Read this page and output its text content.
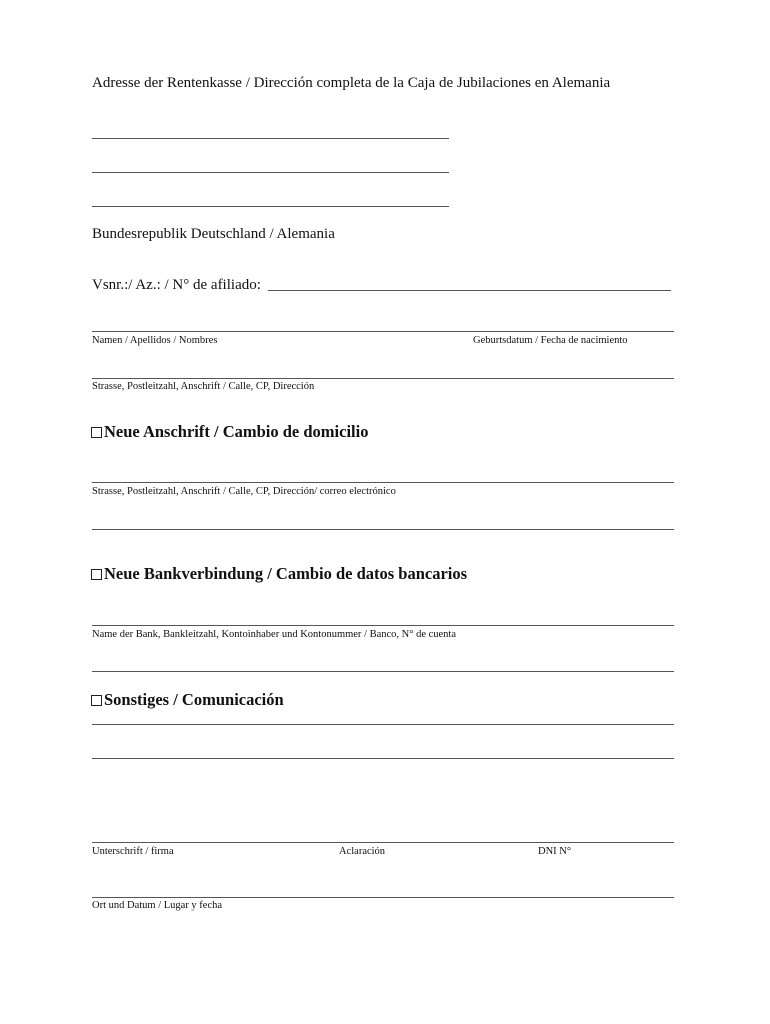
Adresse der Rentenkasse / Dirección completa de la Caja de Jubilaciones en Alemania
Bundesrepublik Deutschland / Alemania
Vsnr.:/ Az.: / N° de afiliado:
Namen / Apellidos / Nombres	Geburtsdatum / Fecha de nacimiento
Strasse, Postleitzahl, Anschrift / Calle, CP, Dirección
Neue Anschrift / Cambio de domicilio
Strasse, Postleitzahl, Anschrift / Calle, CP, Dirección/ correo electrónico
Neue Bankverbindung / Cambio de datos bancarios
Name der Bank, Bankleitzahl, Kontoinhaber und Kontonummer / Banco, N° de cuenta
Sonstiges / Comunicación
Unterschrift / firma	Aclaración	DNI N°
Ort und Datum / Lugar y fecha
